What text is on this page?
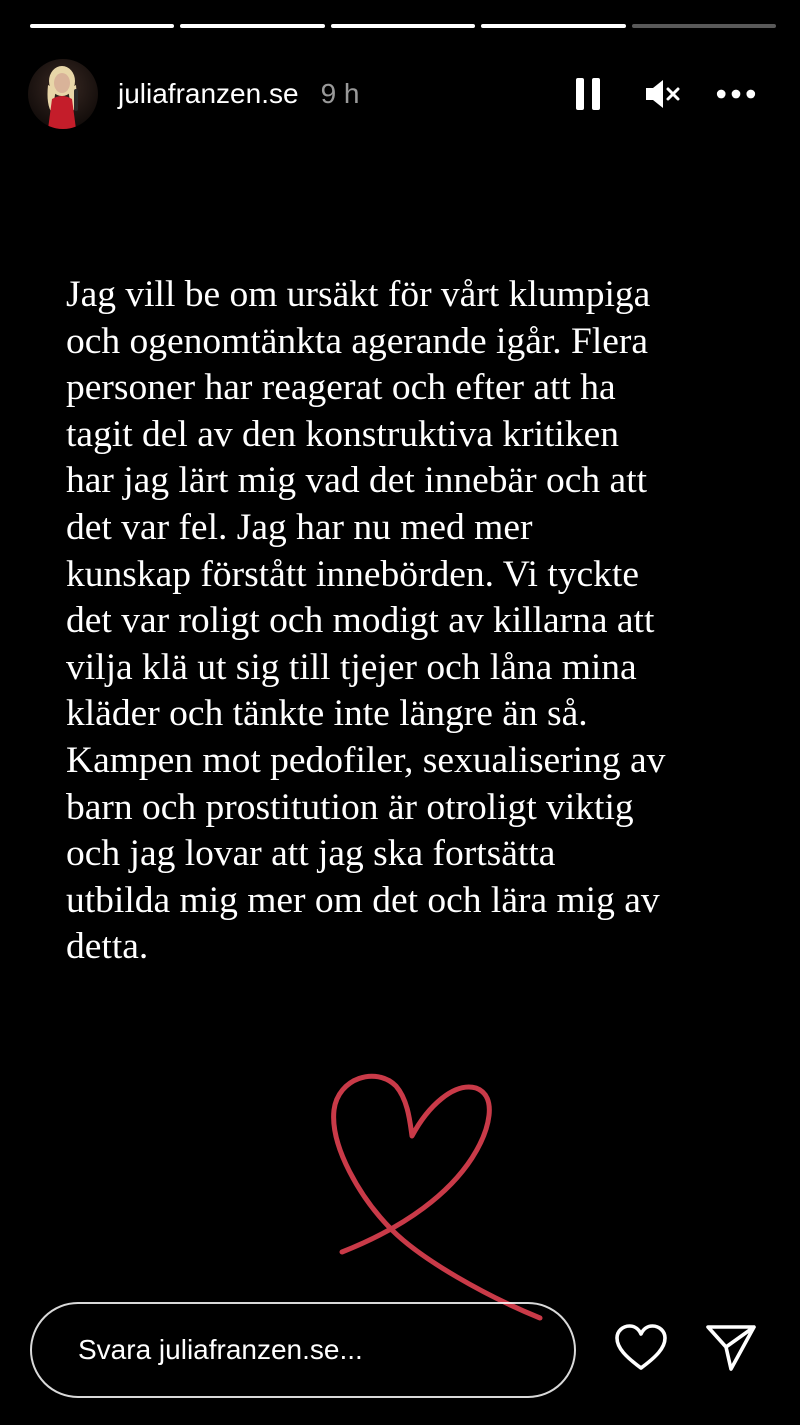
juliafranzen.se 9 h

Jag vill be om ursäkt för vårt klumpiga
och ogenomtänkta agerande igår. Flera
personer har reagerat och efter att ha
tagit del av den konstruktiva kritiken
har jag lärt mig vad det innebär och att
det var fel. Jag har nu med mer
kunskap förstått innebörden. Vi tyckte
det var roligt och modigt av killarna att
vilja klä ut sig till tjejer och låna mina
kläder och tänkte inte längre än så.
Kampen mot pedofiler, sexualisering av
barn och prostitution är otroligt viktig
och jag lovar att jag ska fortsätta
utbilda mig mer om det och lära mig av
detta.

Svara juliafranzen.se...
